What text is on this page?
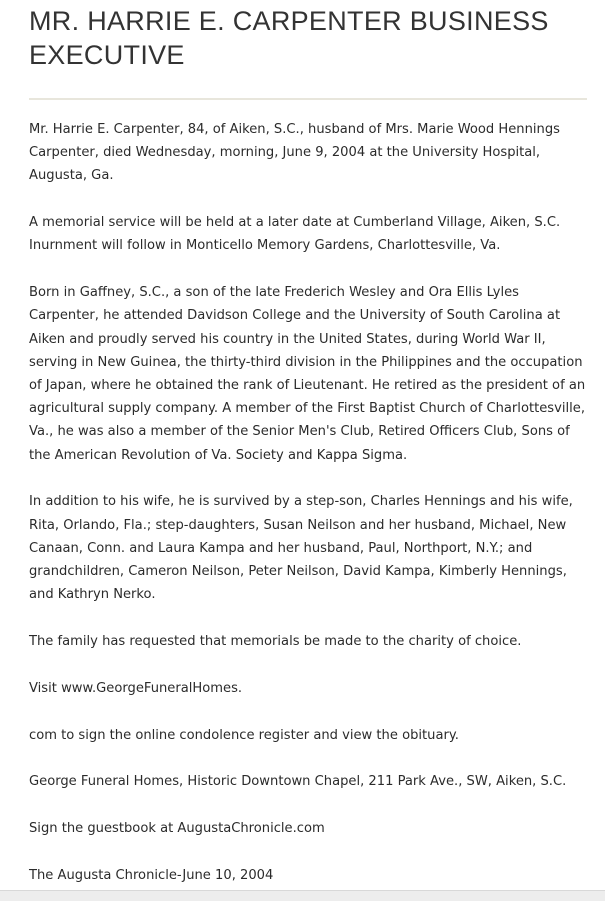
MR. HARRIE E. CARPENTER BUSINESS EXECUTIVE

Mr. Harrie E. Carpenter, 84, of Aiken, S.C., husband of Mrs. Marie Wood Hennings Carpenter, died Wednesday, morning, June 9, 2004 at the University Hospital, Augusta, Ga.

A memorial service will be held at a later date at Cumberland Village, Aiken, S.C. Inurnment will follow in Monticello Memory Gardens, Charlottesville, Va.

Born in Gaffney, S.C., a son of the late Frederich Wesley and Ora Ellis Lyles Carpenter, he attended Davidson College and the University of South Carolina at Aiken and proudly served his country in the United States, during World War II, serving in New Guinea, the thirty-third division in the Philippines and the occupation of Japan, where he obtained the rank of Lieutenant. He retired as the president of an agricultural supply company. A member of the First Baptist Church of Charlottesville, Va., he was also a member of the Senior Men's Club, Retired Officers Club, Sons of the American Revolution of Va. Society and Kappa Sigma.

In addition to his wife, he is survived by a step-son, Charles Hennings and his wife, Rita, Orlando, Fla.; step-daughters, Susan Neilson and her husband, Michael, New Canaan, Conn. and Laura Kampa and her husband, Paul, Northport, N.Y.; and grandchildren, Cameron Neilson, Peter Neilson, David Kampa, Kimberly Hennings, and Kathryn Nerko.

The family has requested that memorials be made to the charity of choice.

Visit www.GeorgeFuneralHomes.

com to sign the online condolence register and view the obituary.

George Funeral Homes, Historic Downtown Chapel, 211 Park Ave., SW, Aiken, S.C.

Sign the guestbook at AugustaChronicle.com

The Augusta Chronicle-June 10, 2004
